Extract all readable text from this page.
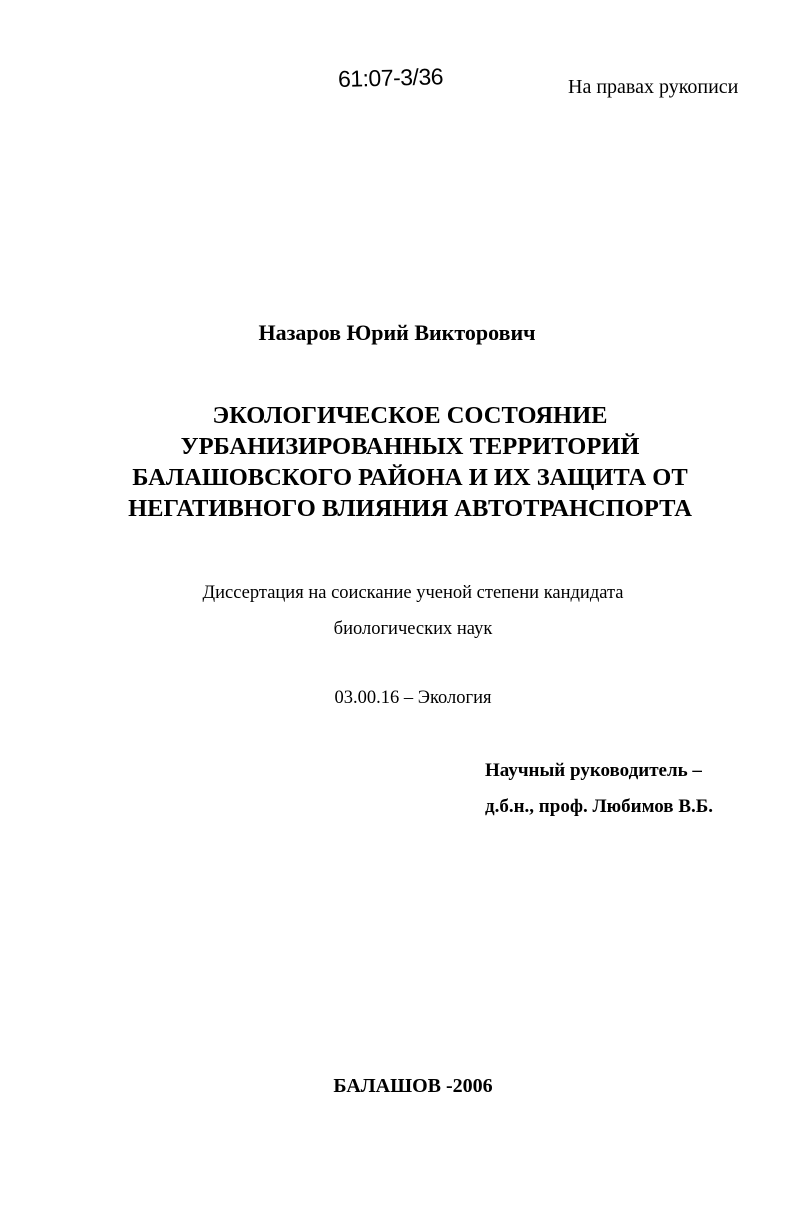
61:07-3/36	На правах рукописи
Назаров Юрий Викторович
ЭКОЛОГИЧЕСКОЕ СОСТОЯНИЕ
УРБАНИЗИРОВАННЫХ ТЕРРИТОРИЙ
БАЛАШОВСКОГО РАЙОНА И ИХ ЗАЩИТА ОТ
НЕГАТИВНОГО ВЛИЯНИЯ АВТОТРАНСПОРТА
Диссертация на соискание ученой степени кандидата
биологических наук
03.00.16 – Экология
Научный руководитель –
д.б.н., проф. Любимов В.Б.
БАЛАШОВ -2006
